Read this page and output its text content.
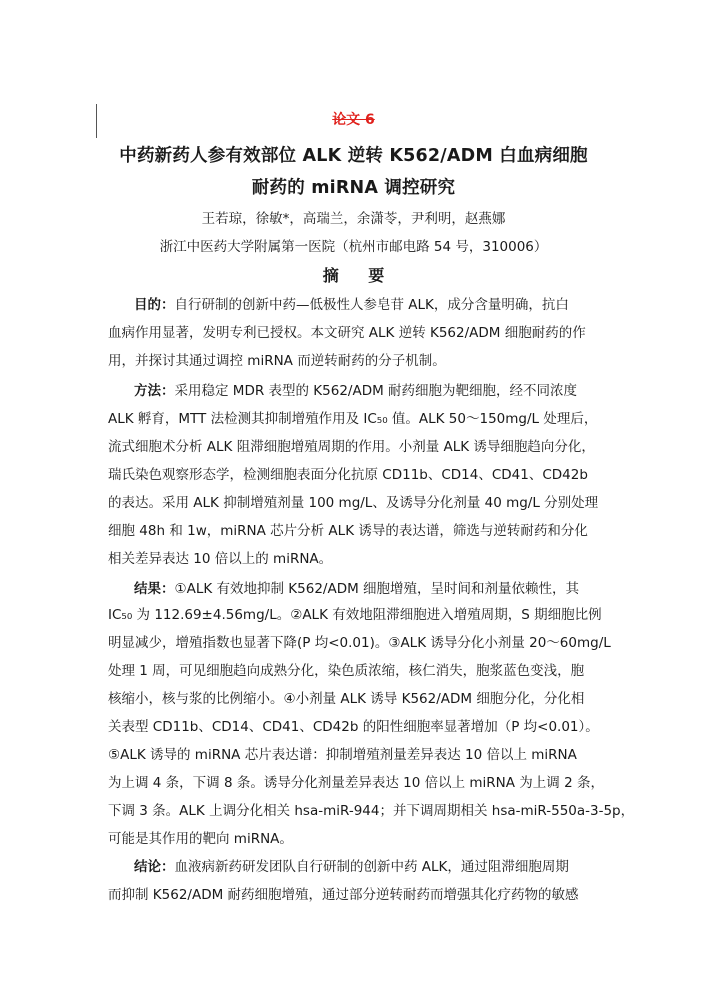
论文 6
中药新药人参有效部位 ALK 逆转 K562/ADM 白血病细胞
耐药的 miRNA 调控研究
王若琼，徐敏*，高瑞兰，余潇苓，尹利明，赵燕娜
浙江中医药大学附属第一医院（杭州市邮电路 54 号，310006）
摘 要
目的：自行研制的创新中药—低极性人参皂苷 ALK，成分含量明确，抗白
血病作用显著，发明专利已授权。本文研究 ALK 逆转 K562/ADM 细胞耐药的作
用，并探讨其通过调控 miRNA 而逆转耐药的分子机制。
方法：采用稳定 MDR 表型的 K562/ADM 耐药细胞为靶细胞，经不同浓度
ALK 孵育，MTT 法检测其抑制增殖作用及 IC₅₀ 值。ALK 50～150mg/L 处理后，
流式细胞术分析 ALK 阻滞细胞增殖周期的作用。小剂量 ALK 诱导细胞趋向分化，
瑞氏染色观察形态学，检测细胞表面分化抗原 CD11b、CD14、CD41、CD42b
的表达。采用 ALK 抑制增殖剂量 100 mg/L、及诱导分化剂量 40 mg/L 分别处理
细胞 48h 和 1w，miRNA 芯片分析 ALK 诱导的表达谱，筛选与逆转耐药和分化
相关差异表达 10 倍以上的 miRNA。
结果：①ALK 有效地抑制 K562/ADM 细胞增殖，呈时间和剂量依赖性，其
IC₅₀ 为 112.69±4.56mg/L。②ALK 有效地阻滞细胞进入增殖周期，S 期细胞比例
明显减少，增殖指数也显著下降(P 均<0.01)。③ALK 诱导分化小剂量 20～60mg/L
处理 1 周，可见细胞趋向成熟分化，染色质浓缩，核仁消失，胞浆蓝色变浅，胞
核缩小，核与浆的比例缩小。④小剂量 ALK 诱导 K562/ADM 细胞分化，分化相
关表型 CD11b、CD14、CD41、CD42b 的阳性细胞率显著增加（P 均<0.01）。
⑤ALK 诱导的 miRNA 芯片表达谱：抑制增殖剂量差异表达 10 倍以上 miRNA
为上调 4 条，下调 8 条。诱导分化剂量差异表达 10 倍以上 miRNA 为上调 2 条，
下调 3 条。ALK 上调分化相关 hsa-miR-944；并下调周期相关 hsa-miR-550a-3-5p，
可能是其作用的靶向 miRNA。
结论：血液病新药研发团队自行研制的创新中药 ALK，通过阻滞细胞周期
而抑制 K562/ADM 耐药细胞增殖，通过部分逆转耐药而增强其化疗药物的敏感
